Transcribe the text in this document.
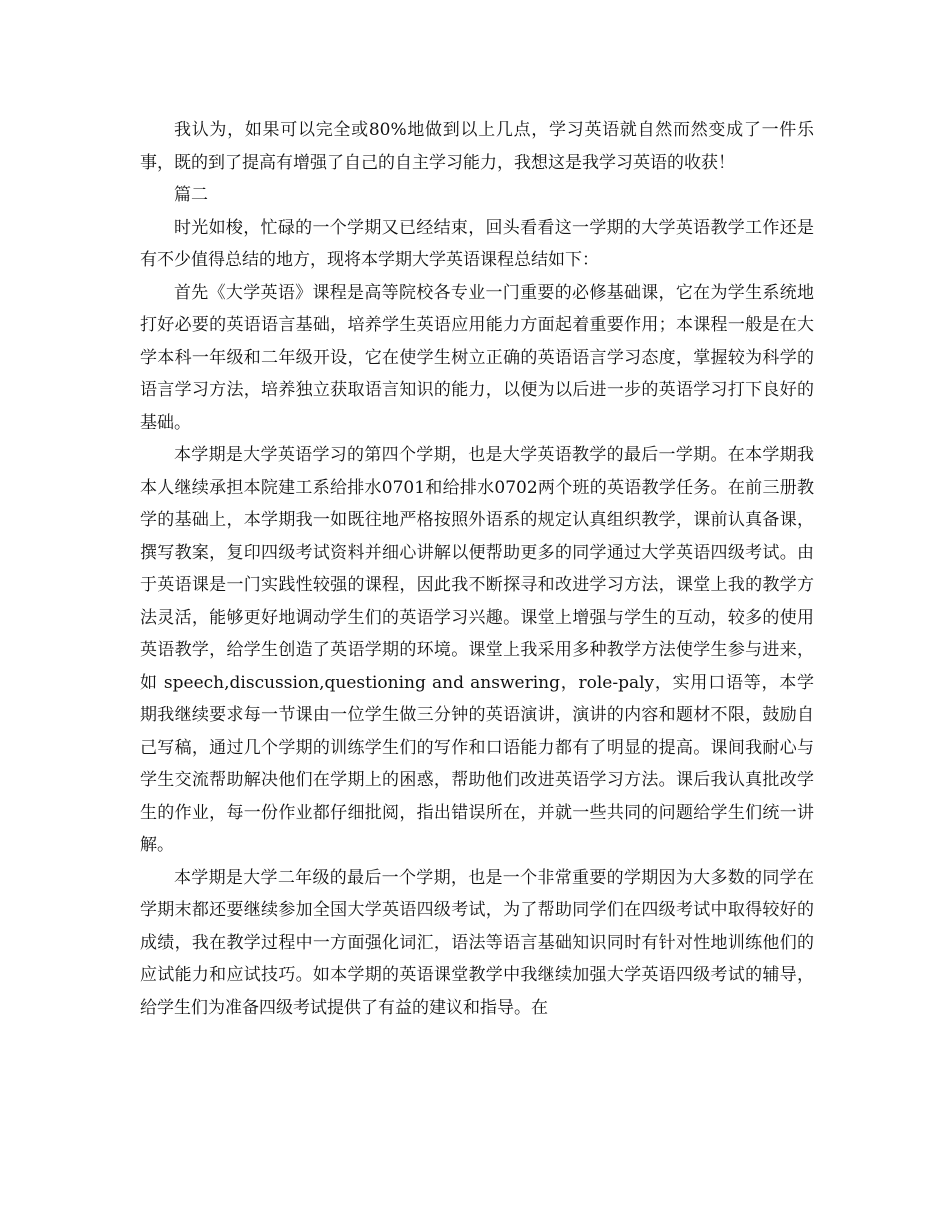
我认为，如果可以完全或80%地做到以上几点，学习英语就自然而然变成了一件乐事，既的到了提高有增强了自己的自主学习能力，我想这是我学习英语的收获！

篇二

时光如梭，忙碌的一个学期又已经结束，回头看看这一学期的大学英语教学工作还是有不少值得总结的地方，现将本学期大学英语课程总结如下：

首先《大学英语》课程是高等院校各专业一门重要的必修基础课，它在为学生系统地打好必要的英语语言基础，培养学生英语应用能力方面起着重要作用；本课程一般是在大学本科一年级和二年级开设，它在使学生树立正确的英语语言学习态度，掌握较为科学的语言学习方法，培养独立获取语言知识的能力，以便为以后进一步的英语学习打下良好的基础。

本学期是大学英语学习的第四个学期，也是大学英语教学的最后一学期。在本学期我本人继续承担本院建工系给排水0701和给排水0702两个班的英语教学任务。在前三册教学的基础上，本学期我一如既往地严格按照外语系的规定认真组织教学，课前认真备课，撰写教案，复印四级考试资料并细心讲解以便帮助更多的同学通过大学英语四级考试。由于英语课是一门实践性较强的课程，因此我不断探寻和改进学习方法，课堂上我的教学方法灵活，能够更好地调动学生们的英语学习兴趣。课堂上增强与学生的互动，较多的使用英语教学，给学生创造了英语学期的环境。课堂上我采用多种教学方法使学生参与进来，如 speech,discussion,questioning and answering，role-paly，实用口语等，本学期我继续要求每一节课由一位学生做三分钟的英语演讲，演讲的内容和题材不限，鼓励自己写稿，通过几个学期的训练学生们的写作和口语能力都有了明显的提高。课间我耐心与学生交流帮助解决他们在学期上的困惑，帮助他们改进英语学习方法。课后我认真批改学生的作业，每一份作业都仔细批阅，指出错误所在，并就一些共同的问题给学生们统一讲解。

本学期是大学二年级的最后一个学期，也是一个非常重要的学期因为大多数的同学在学期末都还要继续参加全国大学英语四级考试，为了帮助同学们在四级考试中取得较好的成绩，我在教学过程中一方面强化词汇，语法等语言基础知识同时有针对性地训练他们的应试能力和应试技巧。如本学期的英语课堂教学中我继续加强大学英语四级考试的辅导，给学生们为准备四级考试提供了有益的建议和指导。在
